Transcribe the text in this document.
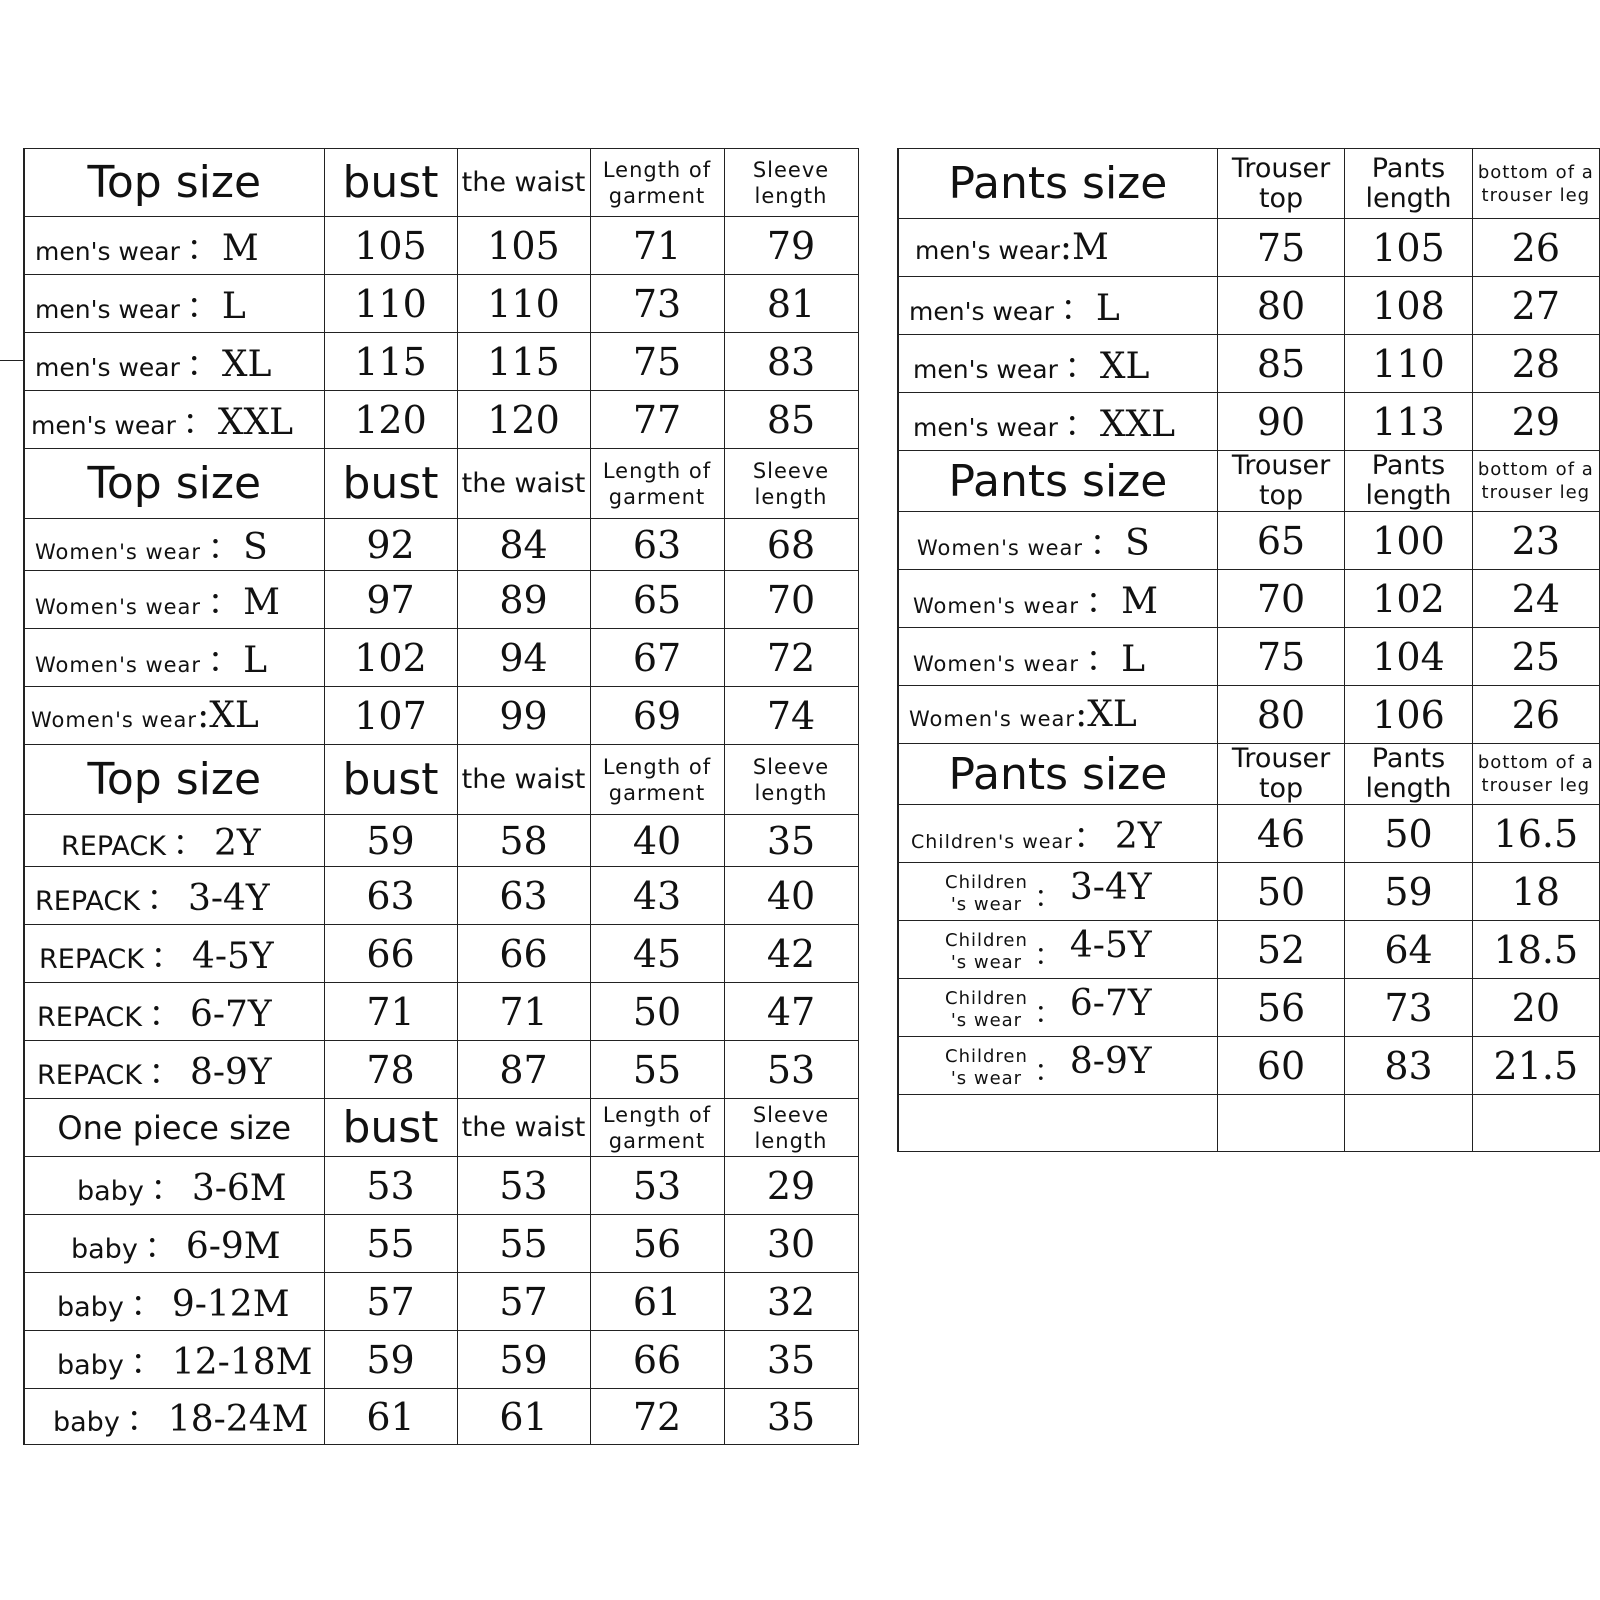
Top size	bust	the waist	Length of garment	Sleeve length
men's wear ：M	105	105	71	79
men's wear ：L	110	110	73	81
men's wear ：XL	115	115	75	83
men's wear ：XXL	120	120	77	85
Top size	bust	the waist	Length of garment	Sleeve length
Women's wear ：S	92	84	63	68
Women's wear ：M	97	89	65	70
Women's wear ：L	102	94	67	72
Women's wear:XL	107	99	69	74
Top size	bust	the waist	Length of garment	Sleeve length
REPACK ： 2Y	59	58	40	35
REPACK ： 3-4Y	63	63	43	40
REPACK ： 4-5Y	66	66	45	42
REPACK ： 6-7Y	71	71	50	47
REPACK ： 8-9Y	78	87	55	53
One piece size	bust	the waist	Length of garment	Sleeve length
baby ： 3-6M	53	53	53	29
baby ： 6-9M	55	55	56	30
baby ： 9-12M	57	57	61	32
baby ： 12-18M	59	59	66	35
baby ： 18-24M	61	61	72	35
Pants size	Trouser top	Pants length	bottom of a trouser leg
men's wear:M	75	105	26
men's wear ：L	80	108	27
men's wear ：XL	85	110	28
men's wear ：XXL	90	113	29
Pants size	Trouser top	Pants length	bottom of a trouser leg
Women's wear ：S	65	100	23
Women's wear ：M	70	102	24
Women's wear ：L	75	104	25
Women's wear:XL	80	106	26
Pants size	Trouser top	Pants length	bottom of a trouser leg
Children's wear： 2Y	46	50	16.5
Children
's wear ： 3-4Y	50	59	18
Children
's wear ： 4-5Y	52	64	18.5
Children
's wear ： 6-7Y	56	73	20
Children
's wear ： 8-9Y	60	83	21.5
